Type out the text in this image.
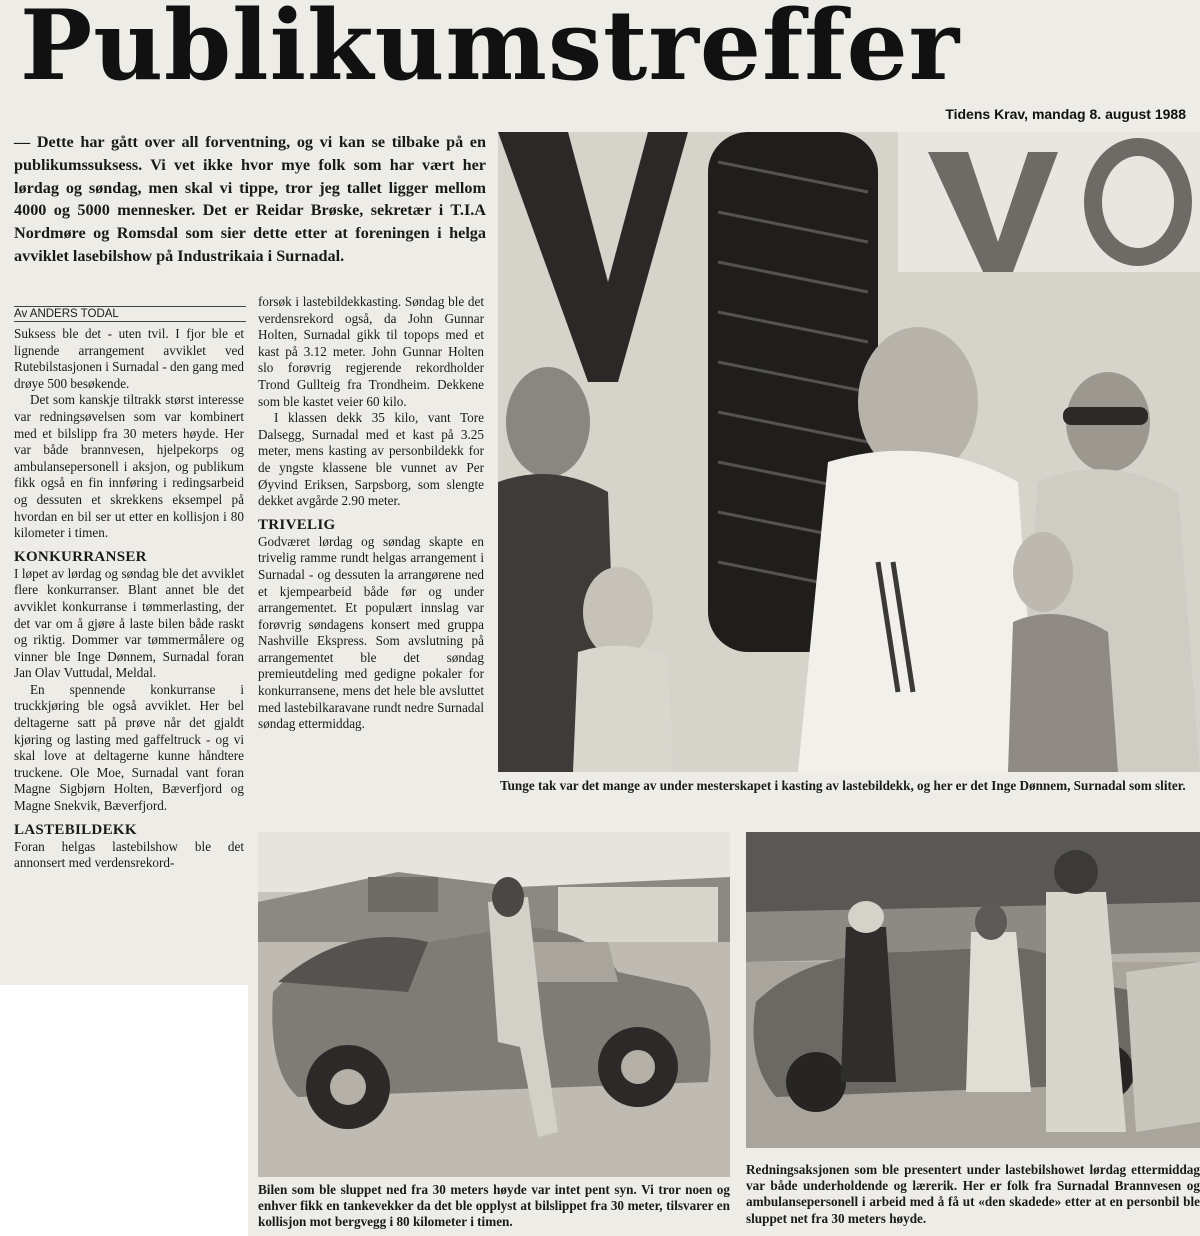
Publikumstreffer
Tidens Krav, mandag 8. august 1988
— Dette har gått over all forventning, og vi kan se tilbake på en publikumssuksess. Vi vet ikke hvor mye folk som har vært her lørdag og søndag, men skal vi tippe, tror jeg tallet ligger mellom 4000 og 5000 mennesker. Det er Reidar Brøske, sekretær i T.I.A Nordmøre og Romsdal som sier dette etter at foreningen i helga avviklet lasebilshow på Industrikaia i Surnadal.
Av ANDERS TODAL

Suksess ble det - uten tvil. I fjor ble et lignende arrangement avviklet ved Rutebilstasjonen i Surnadal - den gang med drøye 500 besøkende.

Det som kanskje tiltrakk størst interesse var redningsøvelsen som var kombinert med et bilslipp fra 30 meters høyde. Her var både brannvesen, hjelpekorps og ambulansepersonell i aksjon, og publikum fikk også en fin innføring i redingsarbeid og dessuten et skrekkens eksempel på hvordan en bil ser ut etter en kollisjon i 80 kilometer i timen.

KONKURRANSER

I løpet av lørdag og søndag ble det avviklet flere konkurranser. Blant annet ble det avviklet konkurranse i tømmerlasting, der det var om å gjøre å laste bilen både raskt og riktig. Dommer var tømmermålere og vinner ble Inge Dønnem, Surnadal foran Jan Olav Vuttudal, Meldal.

En spennende konkurranse i truckkjøring ble også avviklet. Her bel deltagerne satt på prøve når det gjaldt kjøring og lasting med gaffeltruck - og vi skal love at deltagerne kunne håndtere truckene. Ole Moe, Surnadal vant foran Magne Sigbjørn Holten, Bæverfjord og Magne Snekvik, Bæverfjord.

LASTEBILDEKK

Foran helgas lastebilshow ble det annonsert med verdensrekord-

forsøk i lastebildekkasting. Søndag ble det verdensrekord også, da John Gunnar Holten, Surnadal gikk til topops med et kast på 3.12 meter. John Gunnar Holten slo forøvrig regjerende rekordholder Trond Gullteig fra Trondheim. Dekkene som ble kastet veier 60 kilo.

I klassen dekk 35 kilo, vant Tore Dalsegg, Surnadal med et kast på 3.25 meter, mens kasting av personbildekk for de yngste klassene ble vunnet av Per Øyvind Eriksen, Sarpsborg, som slengte dekket avgårde 2.90 meter.

TRIVELIG

Godværet lørdag og søndag skapte en trivelig ramme rundt helgas arrangement i Surnadal - og dessuten la arrangørene ned et kjempearbeid både før og under arrangementet. Et populært innslag var forøvrig søndagens konsert med gruppa Nashville Ekspress. Som avslutning på arrangementet ble det søndag premieutdeling med gedigne pokaler for konkurransene, mens det hele ble avsluttet med lastebilkaravane rundt nedre Surnadal søndag ettermiddag.

Tunge tak var det mange av under mesterskapet i kasting av lastebildekk, og her er det Inge Dønnem, Surnadal som sliter.
Bilen som ble sluppet ned fra 30 meters høyde var intet pent syn. Vi tror noen og enhver fikk en tankevekker da det ble opplyst at bilslippet fra 30 meter, tilsvarer en kollisjon mot bergvegg i 80 kilometer i timen.
Redningsaksjonen som ble presentert under lastebilshowet lørdag ettermiddag var både underholdende og lærerik. Her er folk fra Surnadal Brannvesen og ambulansepersonell i arbeid med å få ut «den skadede» etter at en personbil ble sluppet net fra 30 meters høyde.
